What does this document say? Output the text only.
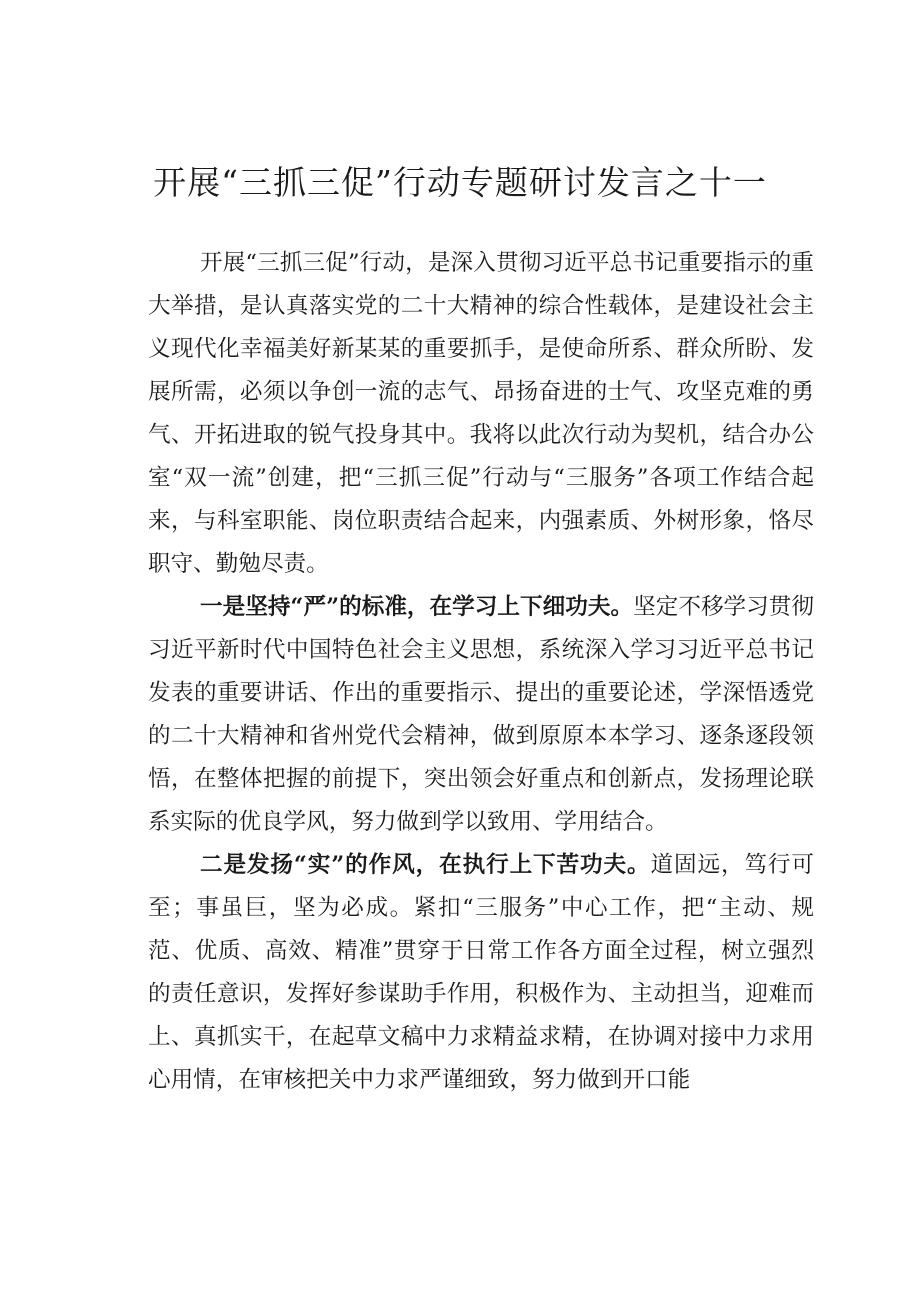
开展“三抓三促”行动专题研讨发言之十一

开展“三抓三促”行动，是深入贯彻习近平总书记重要指示的重大举措，是认真落实党的二十大精神的综合性载体，是建设社会主义现代化幸福美好新某某的重要抓手，是使命所系、群众所盼、发展所需，必须以争创一流的志气、昂扬奋进的士气、攻坚克难的勇气、开拓进取的锐气投身其中。我将以此次行动为契机，结合办公室“双一流”创建，把“三抓三促”行动与“三服务”各项工作结合起来，与科室职能、岗位职责结合起来，内强素质、外树形象，恪尽职守、勤勉尽责。

一是坚持“严”的标准，在学习上下细功夫。坚定不移学习贯彻习近平新时代中国特色社会主义思想，系统深入学习习近平总书记发表的重要讲话、作出的重要指示、提出的重要论述，学深悟透党的二十大精神和省州党代会精神，做到原原本本学习、逐条逐段领悟，在整体把握的前提下，突出领会好重点和创新点，发扬理论联系实际的优良学风，努力做到学以致用、学用结合。

二是发扬“实”的作风，在执行上下苦功夫。道固远，笃行可至；事虽巨，坚为必成。紧扣“三服务”中心工作，把“主动、规范、优质、高效、精准”贯穿于日常工作各方面全过程，树立强烈的责任意识，发挥好参谋助手作用，积极作为、主动担当，迎难而上、真抓实干，在起草文稿中力求精益求精，在协调对接中力求用心用情，在审核把关中力求严谨细致，努力做到开口能
